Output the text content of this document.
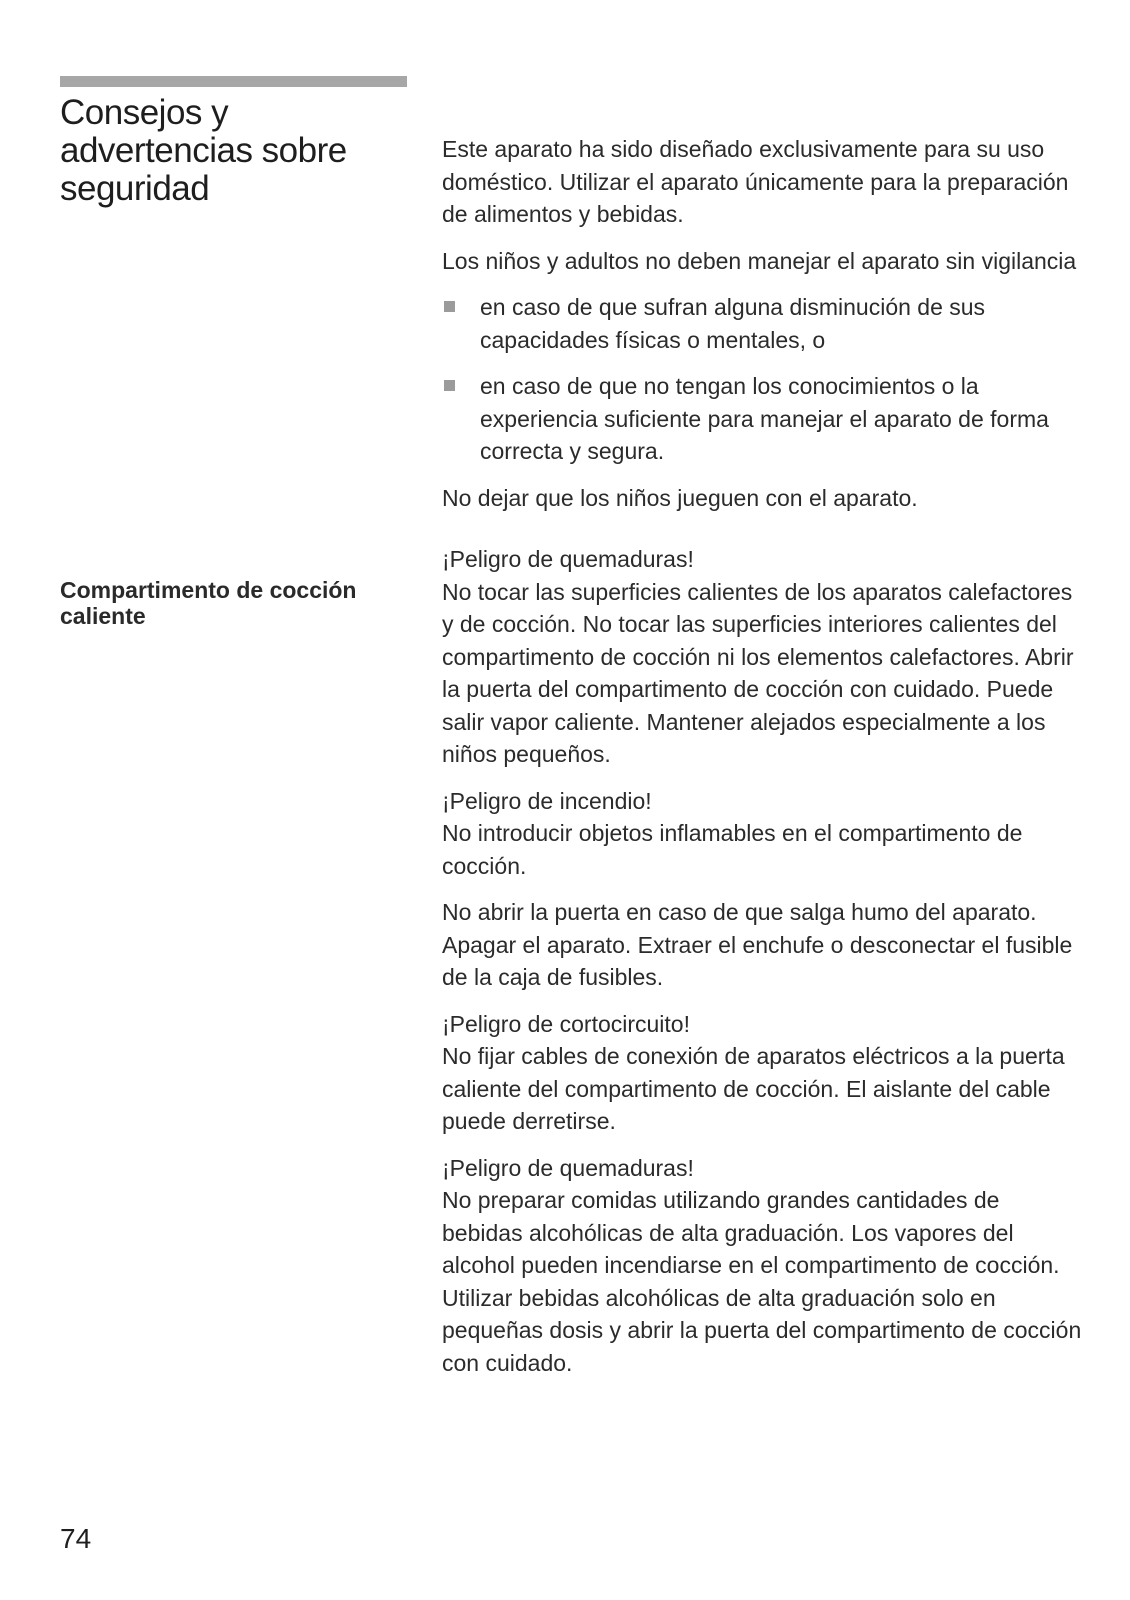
Consejos y advertencias sobre seguridad
Compartimento de cocción caliente

Este aparato ha sido diseñado exclusivamente para su uso doméstico. Utilizar el aparato únicamente para la preparación de alimentos y bebidas.

Los niños y adultos no deben manejar el aparato sin vigilancia

en caso de que sufran alguna disminución de sus capacidades físicas o mentales, o
en caso de que no tengan los conocimientos o la experiencia suficiente para manejar el aparato de forma correcta y segura.

No dejar que los niños jueguen con el aparato.

¡Peligro de quemaduras!
No tocar las superficies calientes de los aparatos calefactores y de cocción. No tocar las superficies interiores calientes del compartimento de cocción ni los elementos calefactores. Abrir la puerta del compartimento de cocción con cuidado. Puede salir vapor caliente. Mantener alejados especialmente a los niños pequeños.
¡Peligro de incendio!
No introducir objetos inflamables en el compartimento de cocción.
No abrir la puerta en caso de que salga humo del aparato. Apagar el aparato. Extraer el enchufe o desconectar el fusible de la caja de fusibles.
¡Peligro de cortocircuito!
No fijar cables de conexión de aparatos eléctricos a la puerta caliente del compartimento de cocción. El aislante del cable puede derretirse.
¡Peligro de quemaduras!
No preparar comidas utilizando grandes cantidades de bebidas alcohólicas de alta graduación. Los vapores del alcohol pueden incendiarse en el compartimento de cocción. Utilizar bebidas alcohólicas de alta graduación solo en pequeñas dosis y abrir la puerta del compartimento de cocción con cuidado.
74
